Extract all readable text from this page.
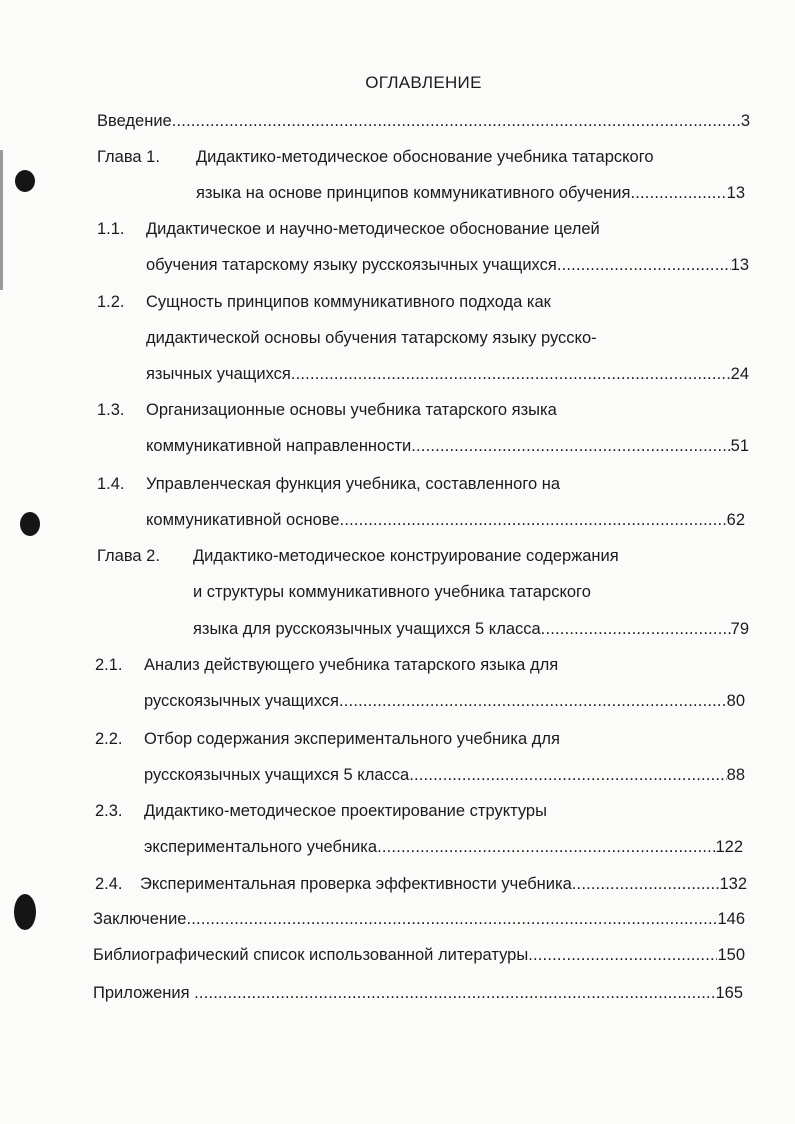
ОГЛАВЛЕНИЕ
Введение .....	3
Глава 1. Дидактико-методическое обоснование учебника татарского
языка на основе принципов коммуникативного обучения .....	13
1.1. Дидактическое и научно-методическое обоснование целей
обучения татарскому языку русскоязычных учащихся .....	13
1.2. Сущность принципов коммуникативного подхода как
дидактической основы обучения татарскому языку русско-
язычных учащихся .....	24
1.3. Организационные основы учебника татарского языка
коммуникативной направленности .....	51
1.4. Управленческая функция учебника, составленного на
коммуникативной основе .....	62
Глава 2. Дидактико-методическое конструирование содержания
и структуры коммуникативного учебника татарского
языка для русскоязычных учащихся 5 класса .....	79
2.1. Анализ действующего учебника татарского языка для
русскоязычных учащихся .....	80
2.2. Отбор содержания экспериментального учебника для
русскоязычных учащихся 5 класса .....	88
2.3. Дидактико-методическое проектирование структуры
экспериментального учебника .....	122
2.4. Экспериментальная проверка эффективности учебника .....	132
Заключение .....	146
Библиографический список использованной литературы .....	150
Приложения .....	165
